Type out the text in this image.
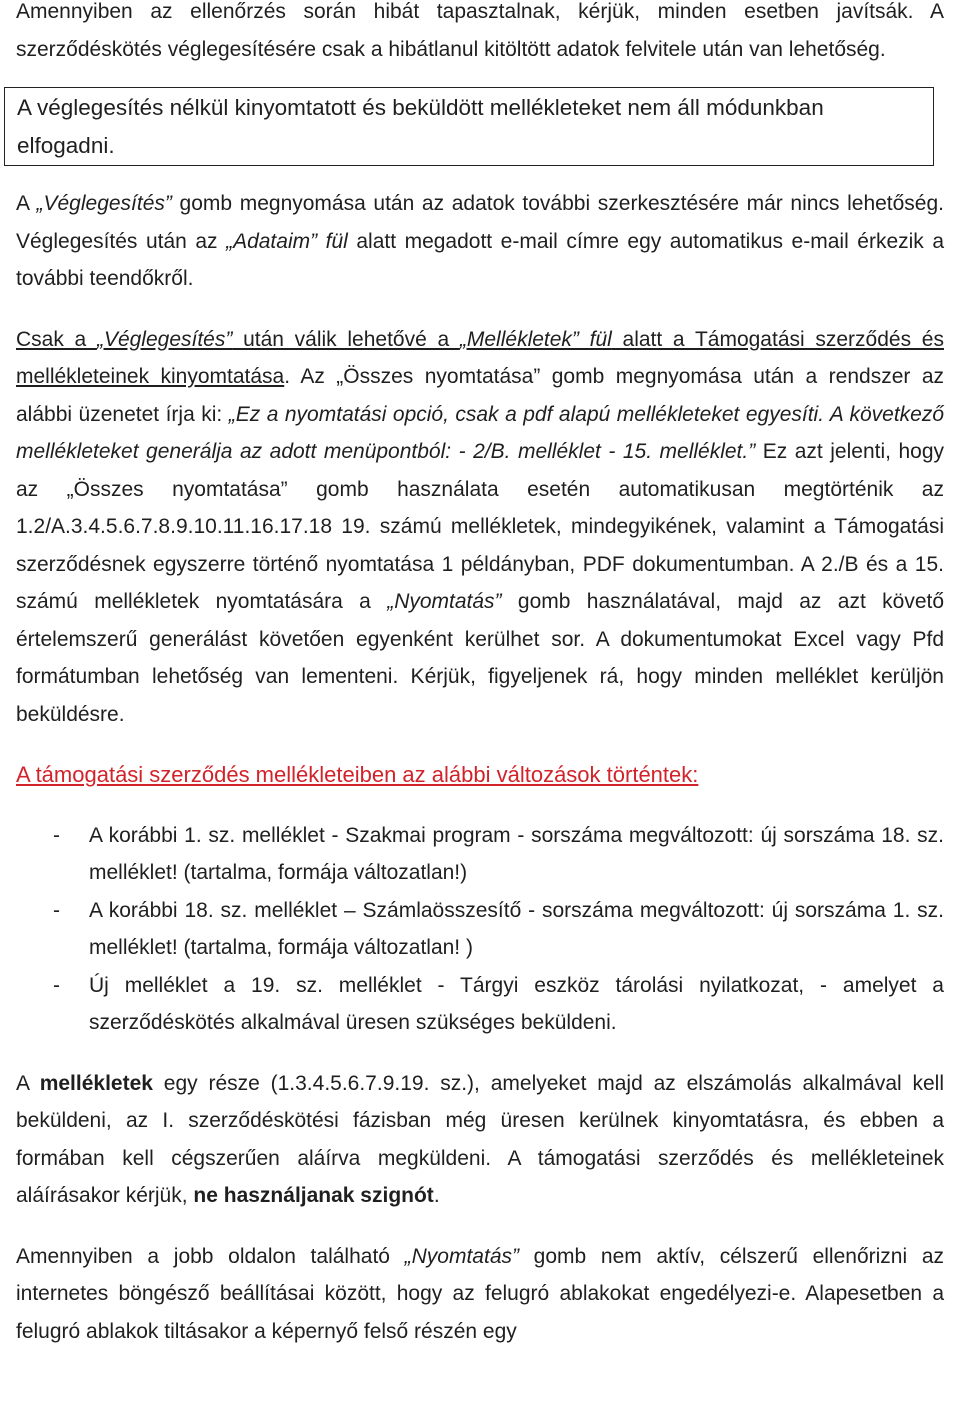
Amennyiben az ellenőrzés során hibát tapasztalnak, kérjük, minden esetben javítsák. A szerződéskötés véglegesítésére csak a hibátlanul kitöltött adatok felvitele után van lehetőség.

A véglegesítés nélkül kinyomtatott és beküldött mellékleteket nem áll módunkban elfogadni.

A „Véglegesítés” gomb megnyomása után az adatok további szerkesztésére már nincs lehetőség. Véglegesítés után az „Adataim” fül alatt megadott e-mail címre egy automatikus e-mail érkezik a további teendőkről.

Csak a „Véglegesítés” után válik lehetővé a „Mellékletek” fül alatt a Támogatási szerződés és mellékleteinek kinyomtatása. Az „Összes nyomtatása” gomb megnyomása után a rendszer az alábbi üzenetet írja ki: „Ez a nyomtatási opció, csak a pdf alapú mellékleteket egyesíti. A következő mellékleteket generálja az adott menüpontból: - 2/B. melléklet - 15. melléklet.” Ez azt jelenti, hogy az „Összes nyomtatása” gomb használata esetén automatikusan megtörténik az 1.2/A.3.4.5.6.7.8.9.10.11.16.17.18 19. számú mellékletek, mindegyikének, valamint a Támogatási szerződésnek egyszerre történő nyomtatása 1 példányban, PDF dokumentumban. A 2./B és a 15. számú mellékletek nyomtatására a „Nyomtatás” gomb használatával, majd az azt követő értelemszerű generálást követően egyenként kerülhet sor. A dokumentumokat Excel vagy Pfd formátumban lehetőség van lementeni. Kérjük, figyeljenek rá, hogy minden melléklet kerüljön beküldésre.

A támogatási szerződés mellékleteiben az alábbi változások történtek:

- A korábbi 1. sz. melléklet - Szakmai program - sorszáma megváltozott: új sorszáma 18. sz. melléklet! (tartalma, formája változatlan!)
- A korábbi 18. sz. melléklet – Számlaösszesítő - sorszáma megváltozott: új sorszáma 1. sz. melléklet! (tartalma, formája változatlan! )
- Új melléklet a 19. sz. melléklet - Tárgyi eszköz tárolási nyilatkozat, - amelyet a szerződéskötés alkalmával üresen szükséges beküldeni.

A mellékletek egy része (1.3.4.5.6.7.9.19. sz.), amelyeket majd az elszámolás alkalmával kell beküldeni, az I. szerződéskötési fázisban még üresen kerülnek kinyomtatásra, és ebben a formában kell cégszerűen aláírva megküldeni. A támogatási szerződés és mellékleteinek aláírásakor kérjük, ne használjanak szignót.

Amennyiben a jobb oldalon található „Nyomtatás” gomb nem aktív, célszerű ellenőrizni az internetes böngésző beállításai között, hogy az felugró ablakokat engedélyezi-e. Alapesetben a felugró ablakok tiltásakor a képernyő felső részén egy
